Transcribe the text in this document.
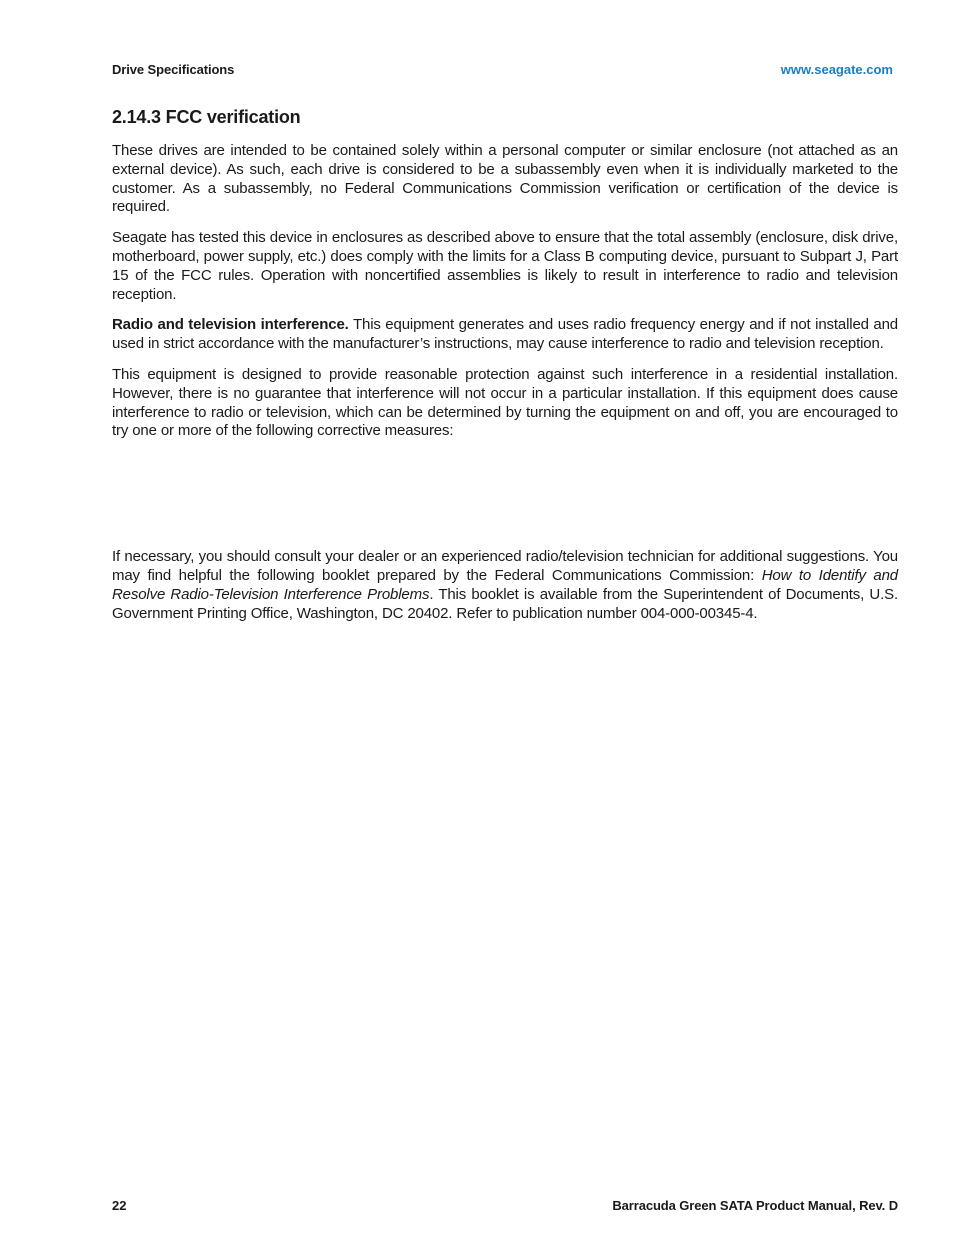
Drive Specifications	www.seagate.com
2.14.3 FCC verification

These drives are intended to be contained solely within a personal computer or similar enclosure (not attached as an external device). As such, each drive is considered to be a subassembly even when it is individually marketed to the customer. As a subassembly, no Federal Communications Commission verification or certification of the device is required.

Seagate has tested this device in enclosures as described above to ensure that the total assembly (enclosure, disk drive, motherboard, power supply, etc.) does comply with the limits for a Class B computing device, pursuant to Subpart J, Part 15 of the FCC rules. Operation with noncertified assemblies is likely to result in interference to radio and television reception.

Radio and television interference. This equipment generates and uses radio frequency energy and if not installed and used in strict accordance with the manufacturer’s instructions, may cause interference to radio and television reception.

This equipment is designed to provide reasonable protection against such interference in a residential installation. However, there is no guarantee that interference will not occur in a particular installation. If this equipment does cause interference to radio or television, which can be determined by turning the equipment on and off, you are encouraged to try one or more of the following corrective measures:

If necessary, you should consult your dealer or an experienced radio/television technician for additional suggestions. You may find helpful the following booklet prepared by the Federal Communications Commission: How to Identify and Resolve Radio-Television Interference Problems. This booklet is available from the Superintendent of Documents, U.S. Government Printing Office, Washington, DC 20402. Refer to publication number 004-000-00345-4.

22	Barracuda Green SATA Product Manual, Rev. D
